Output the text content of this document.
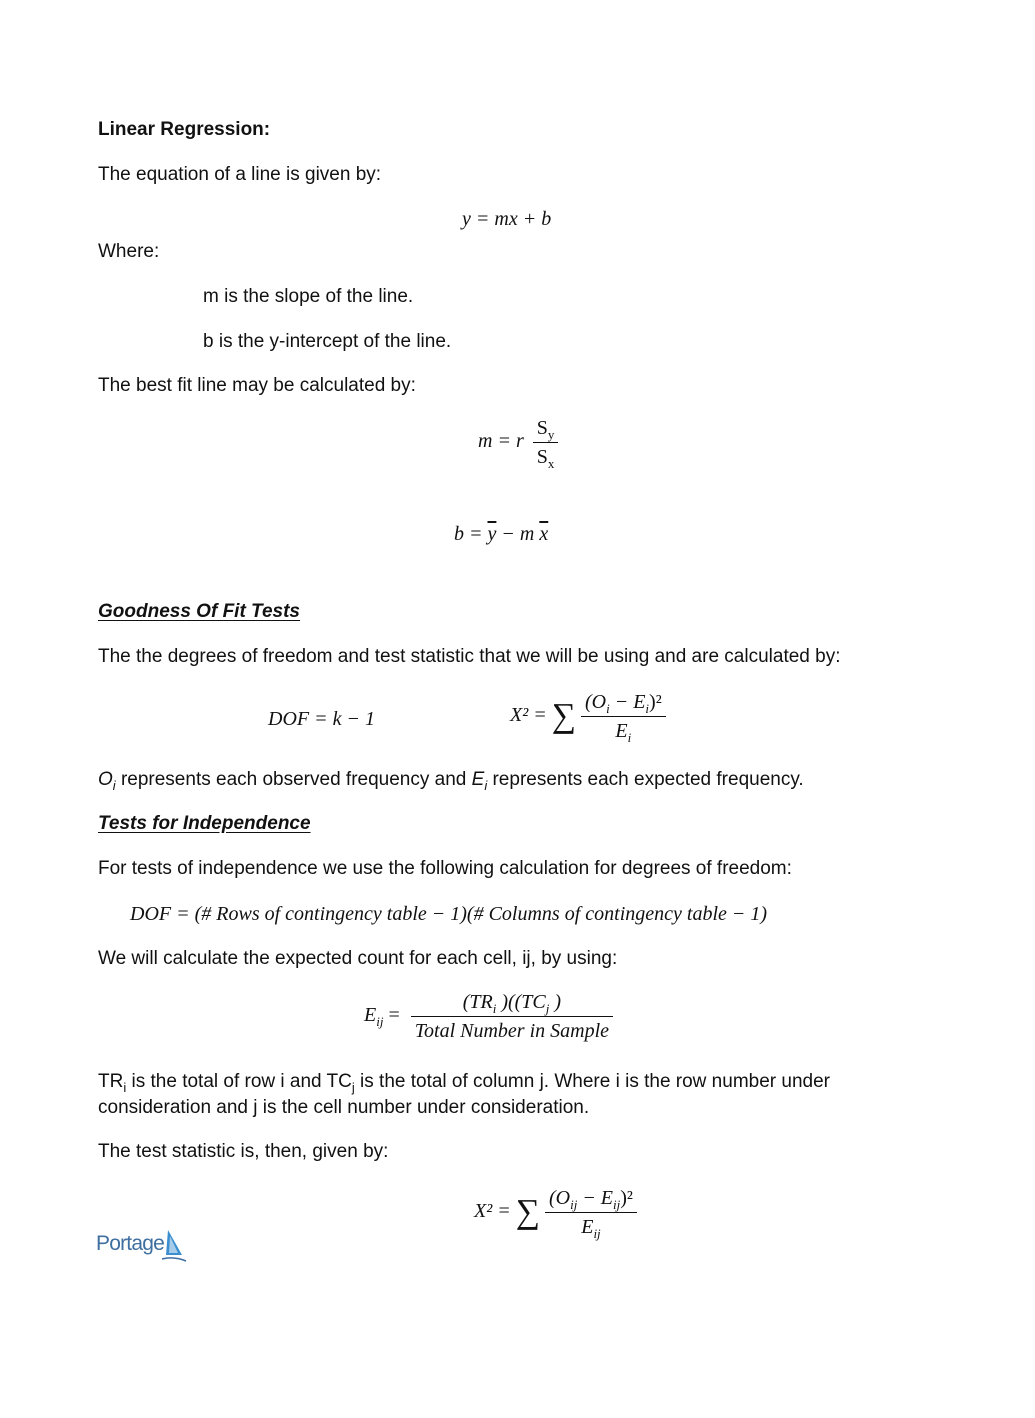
Linear Regression:
The equation of a line is given by:
y = mx + b
Where:
m is the slope of the line.
b is the y-intercept of the line.
The best fit line may be calculated by:
m = r $\frac{S_y}{S_x}$
$b = \overline{y} - m$ $\overline{x}$
Goodness Of Fit Tests
The the degrees of freedom and test statistic that we will be using and are calculated by:
DOF = k − 1	X² = ∑ $\frac{(O_i - E_i)^2}{E_i}$
$O_i$ represents each observed frequency and $E_i$ represents each expected frequency.
Tests for Independence
For tests of independence we use the following calculation for degrees of freedom:
DOF = (# Rows of contingency table − 1)(# Columns of contingency table − 1)
We will calculate the expected count for each cell, ij, by using:
$E_{ij} = \frac{(TR_i )((TC_j )}{\text{Total Number in Sample}}$
$TR_i$ is the total of row i and $TC_j$ is the total of column j. Where i is the row number under consideration and j is the cell number under consideration.
The test statistic is, then, given by:
X² = ∑ $\frac{(O_{ij} - E_{ij})^2}{E_{ij}}$
Portage
